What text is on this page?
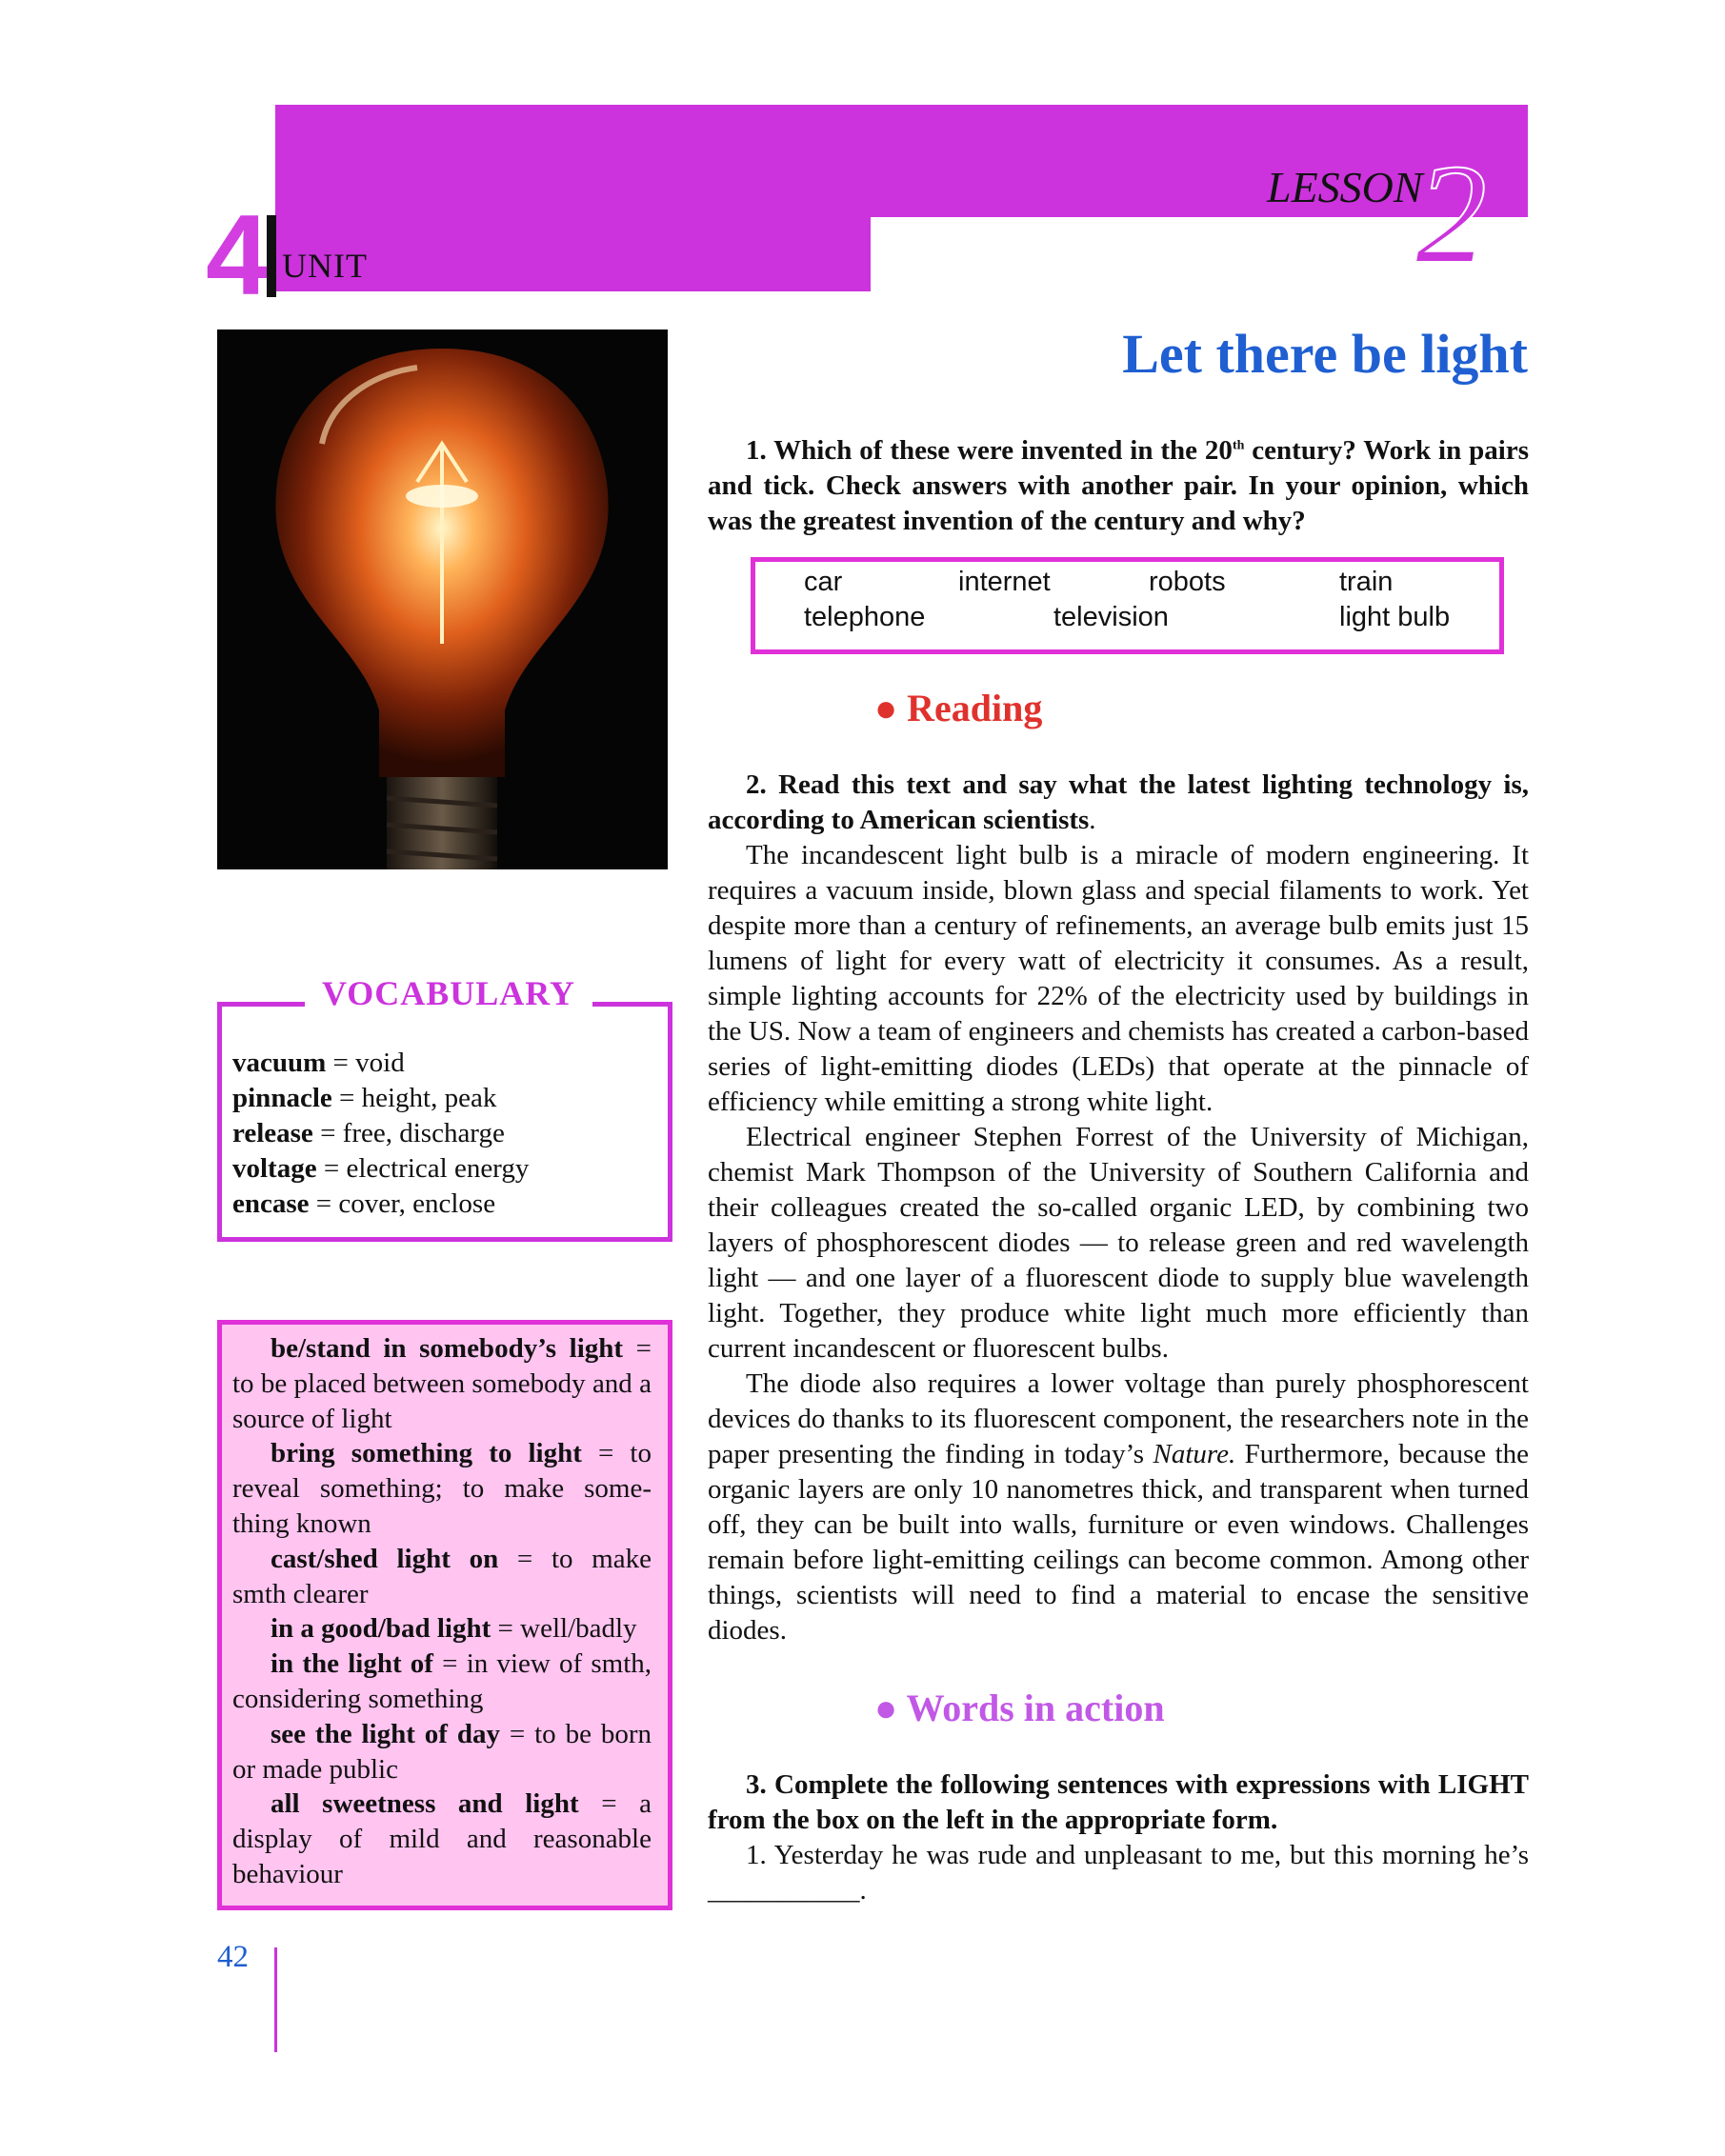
4 UNIT
LESSON
2
Let there be light
VOCABULARY
vacuum = void
pinnacle = height, peak
release = free, discharge
voltage = electrical energy
encase = cover, enclose
be/stand in somebody’s light = to be placed between somebody and a source of light
bring something to light = to reveal something; to make some-thing known
cast/shed light on = to make smth clearer
in a good/bad light = well/badly
in the light of = in view of smth, considering something
see the light of day = to be born or made public
all sweetness and light = a display of mild and reasonable behaviour
42
1. Which of these were invented in the 20th century? Work in pairs and tick. Check answers with another pair. In your opinion, which was the greatest invention of the century and why?
car	internet	robots	train
telephone	television	light bulb
● Reading
2. Read this text and say what the latest lighting technology is, according to American scientists.
The incandescent light bulb is a miracle of modern engineering. It requires a vacuum inside, blown glass and special filaments to work. Yet despite more than a century of refinements, an average bulb emits just 15 lumens of light for every watt of electricity it consumes. As a result, simple lighting accounts for 22% of the electricity used by buildings in the US. Now a team of engineers and chemists has created a carbon-based series of light-emitting diodes (LEDs) that operate at the pinnacle of efficiency while emitting a strong white light.
Electrical engineer Stephen Forrest of the University of Michigan, chemist Mark Thompson of the University of Southern California and their colleagues created the so-called organic LED, by combining two layers of phosphorescent diodes — to release green and red wavelength light — and one layer of a fluorescent diode to supply blue wavelength light. Together, they produce white light much more efficiently than current incandescent or fluorescent bulbs.
The diode also requires a lower voltage than purely phosphorescent devices do thanks to its fluorescent component, the researchers note in the paper presenting the finding in today’s Nature. Furthermore, because the organic layers are only 10 nanometres thick, and transparent when turned off, they can be built into walls, furniture or even windows. Challenges remain before light-emitting ceilings can become common. Among other things, scientists will need to find a material to encase the sensitive diodes.
● Words in action
3. Complete the following sentences with expressions with LIGHT from the box on the left in the appropriate form.
1. Yesterday he was rude and unpleasant to me, but this morning he’s ___________.
